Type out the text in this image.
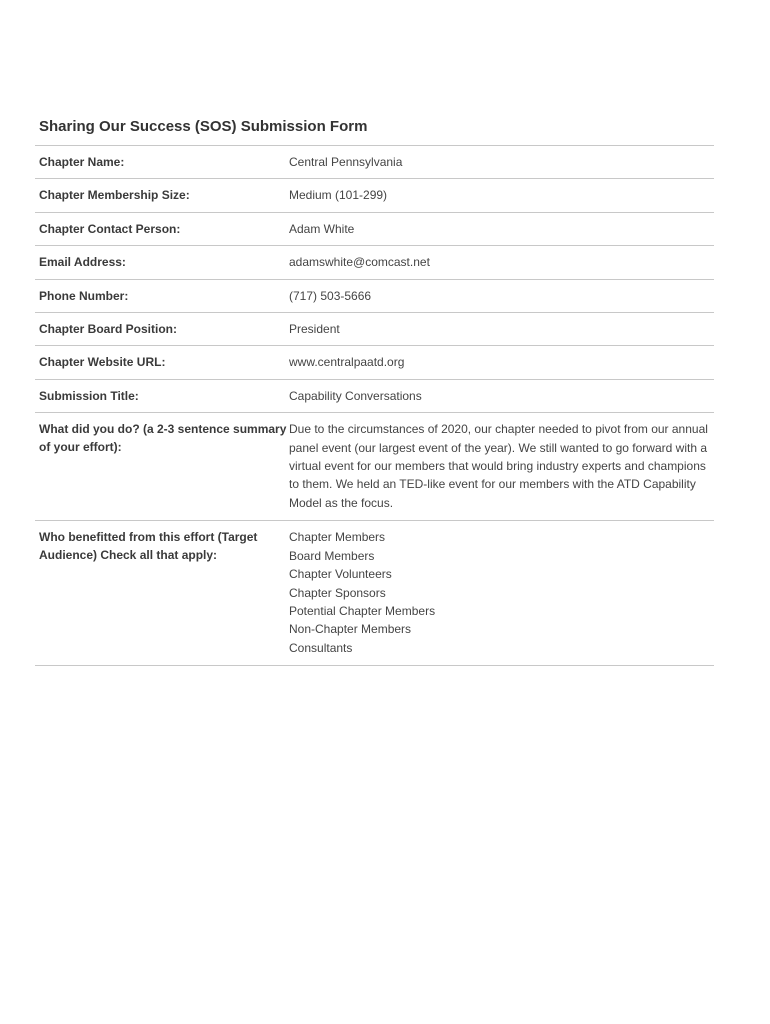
Sharing Our Success (SOS) Submission Form
Chapter Name:	Central Pennsylvania
Chapter Membership Size:	Medium (101-299)
Chapter Contact Person:	Adam White
Email Address:	adamswhite@comcast.net
Phone Number:	(717) 503-5666
Chapter Board Position:	President
Chapter Website URL:	www.centralpaatd.org
Submission Title:	Capability Conversations
What did you do? (a 2-3 sentence summary of your effort):
Due to the circumstances of 2020, our chapter needed to pivot from our annual panel event (our largest event of the year). We still wanted to go forward with a virtual event for our members that would bring industry experts and champions to them. We held an TED-like event for our members with the ATD Capability Model as the focus.
Who benefitted from this effort (Target Audience) Check all that apply:
Chapter Members
Board Members
Chapter Volunteers
Chapter Sponsors
Potential Chapter Members
Non-Chapter Members
Consultants
